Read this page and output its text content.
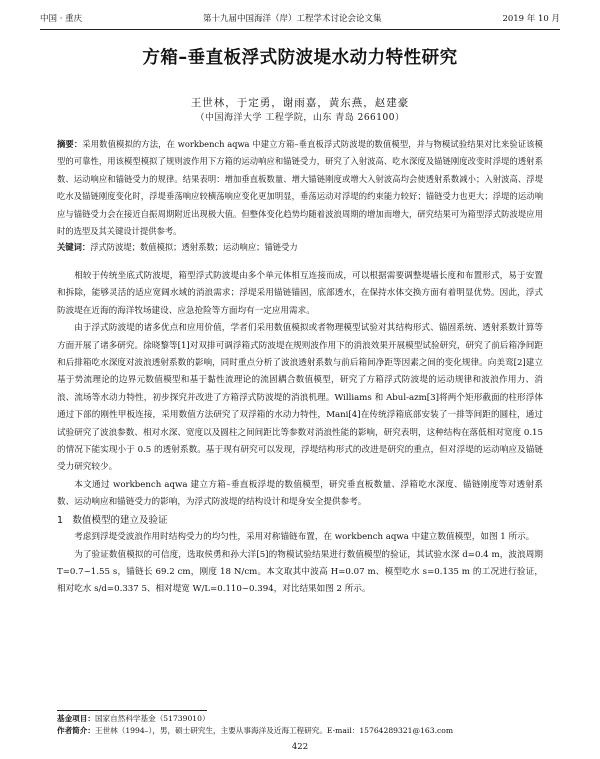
中国 · 重庆	第十九届中国海洋（岸）工程学术讨论会论文集	2019 年 10 月
方箱–垂直板浮式防波堤水动力特性研究
王世林，于定勇，谢雨嘉，黄东燕，赵建豪
（中国海洋大学 工程学院，山东 青岛 266100）
摘要：采用数值模拟的方法，在 workbench aqwa 中建立方箱–垂直板浮式防波堤的数值模型，并与物模试验结果对比来验证该模型的可靠性，用该模型模拟了规则波作用下方箱的运动响应和锚链受力，研究了入射波高、吃水深度及锚链刚度改变时浮堤的透射系数、运动响应和锚链受力的规律。结果表明：增加垂直板数量、增大锚链刚度或增大入射波高均会使透射系数减小；入射波高、浮堤吃水及锚链刚度变化时，浮堤垂荡响应较横荡响应变化更加明显，垂荡运动对浮堤的约束能力较好；锚链受力也更大；浮堤的运动响应与锚链受力会在接近自振周期附近出现极大值。但整体变化趋势均随着波浪周期的增加而增大，研究结果可为箱型浮式防波堤应用时的选型及其关键设计提供参考。
关键词：浮式防波堤；数值模拟；透射系数；运动响应；锚链受力

相较于传统坐底式防波堤，箱型浮式防波堤由多个单元体相互连接而成，可以根据需要调整堤墙长度和布置形式，易于安置和拆除，能够灵活的适应宽阔水域的消浪需求；浮堤采用锚链锚固，底部透水，在保持水体交换方面有着明显优势。因此，浮式防波堤在近海的海洋牧场建设、应急抢险等方面均有一定应用需求。

由于浮式防波堤的诸多优点和应用价值，学者们采用数值模拟或者物理模型试验对其结构形式、锚固系统、透射系数计算等方面开展了诸多研究。徐晓黎等[1]对双排可调浮箱式防波堤在规则波作用下的消浪效果开展模型试验研究，研究了前后箱净间距和后排箱吃水深度对波浪透射系数的影响，同时重点分析了波浪透射系数与前后箱间净距等因素之间的变化规律。向美鸾[2]建立基于势流理论的边界元数值模型和基于黏性流理论的流固耦合数值模型，研究了方箱浮式防波堤的运动规律和波浪作用力、消浪、流场等水动力特性，初步探究并改进了方箱浮式防波堤的消浪机理。Williams 和 Abul-azm[3]将两个矩形截面的柱形浮体通过下部的刚性甲板连接，采用数值方法研究了双浮箱的水动力特性，Mani[4]在传统浮箱底部安装了一排等间距的圆柱，通过试验研究了波浪参数、相对水深、宽度以及圆柱之间间距比等参数对消浪性能的影响，研究表明，这种结构在落低相对宽度 0.15 的情况下能实现小于 0.5 的透射系数。基于现有研究可以发现，浮堤结构形式的改进是研究的重点，但对浮堤的运动响应及锚链受力研究较少。

本文通过 workbench aqwa 建立方箱–垂直板浮堤的数值模型，研究垂直板数量、浮箱吃水深度、锚链刚度等对透射系数、运动响应和锚链受力的影响，为浮式防波堤的结构设计和堤身安全提供参考。

1　数值模型的建立及验证

考虑到浮堤受波浪作用时结构受力的均匀性，采用对称锚链布置，在 workbench aqwa 中建立数值模型，如图 1 所示。

为了验证数值模拟的可信度，选取侯勇和孙大洋[5]的物模试验结果进行数值模型的验证，其试验水深 d=0.4 m，波浪周期 T=0.7~1.55 s，锚链长 69.2 cm，刚度 18 N/cm。本文取其中波高 H=0.07 m、模型吃水 s=0.135 m 的工况进行验证，相对吃水 s/d=0.337 5、相对堤宽 W/L=0.110~0.394，对比结果如图 2 所示。

基金项目：国家自然科学基金（51739010）
作者简介：王世林（1994–），男，硕士研究生，主要从事海洋及近海工程研究。E-mail：15764289321@163.com
422
